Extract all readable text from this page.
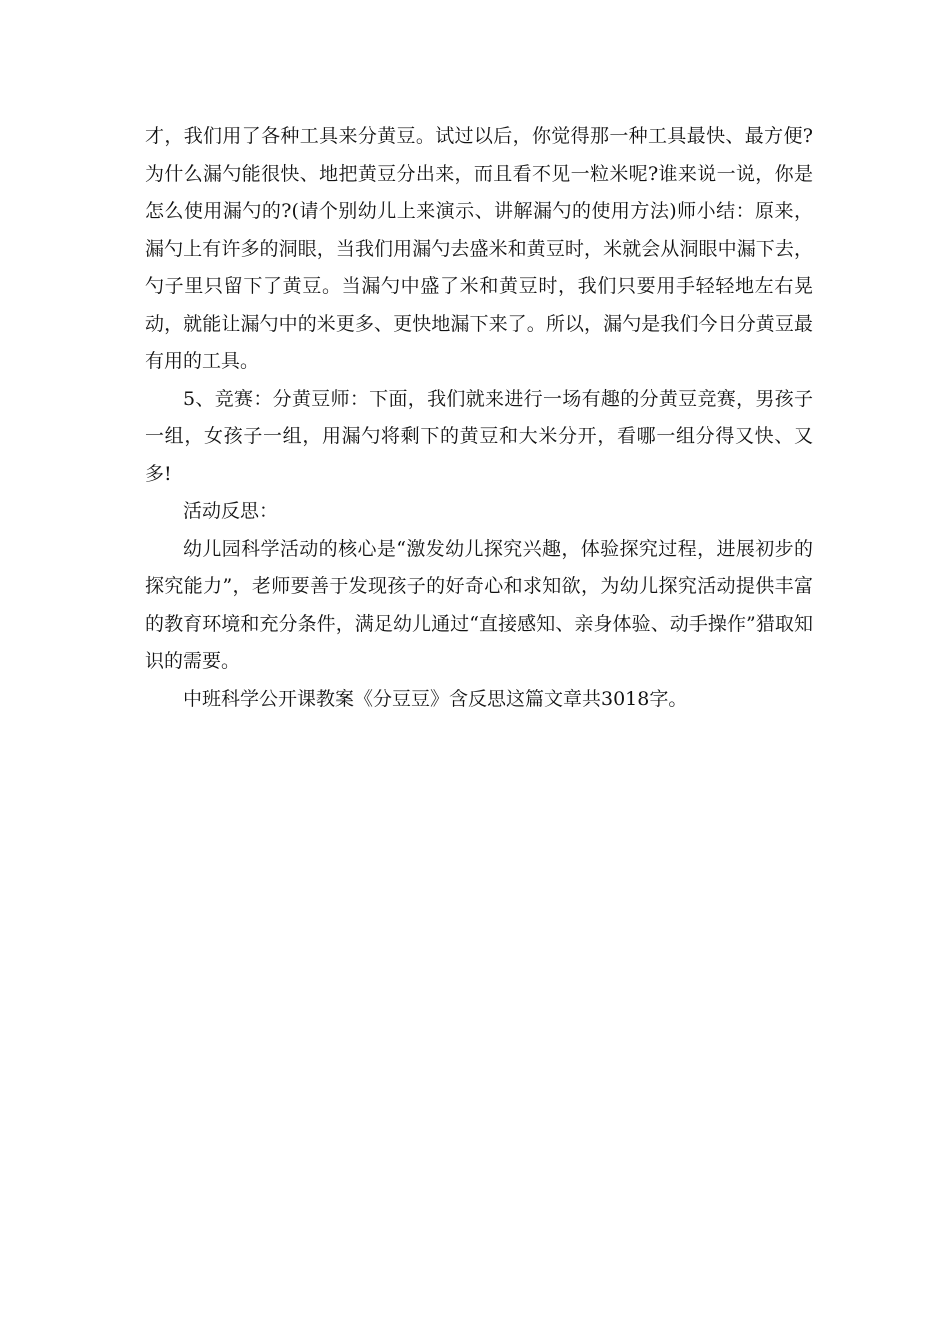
才，我们用了各种工具来分黄豆。试过以后，你觉得那一种工具最快、最方便?为什么漏勺能很快、地把黄豆分出来，而且看不见一粒米呢?谁来说一说，你是怎么使用漏勺的?(请个别幼儿上来演示、讲解漏勺的使用方法)师小结：原来，漏勺上有许多的洞眼，当我们用漏勺去盛米和黄豆时，米就会从洞眼中漏下去，勺子里只留下了黄豆。当漏勺中盛了米和黄豆时，我们只要用手轻轻地左右晃动，就能让漏勺中的米更多、更快地漏下来了。所以，漏勺是我们今日分黄豆最有用的工具。

5、竞赛：分黄豆师：下面，我们就来进行一场有趣的分黄豆竞赛，男孩子一组，女孩子一组，用漏勺将剩下的黄豆和大米分开，看哪一组分得又快、又多!

活动反思：

幼儿园科学活动的核心是“激发幼儿探究兴趣，体验探究过程，进展初步的探究能力”，老师要善于发现孩子的好奇心和求知欲，为幼儿探究活动提供丰富的教育环境和充分条件，满足幼儿通过“直接感知、亲身体验、动手操作”猎取知识的需要。

中班科学公开课教案《分豆豆》含反思这篇文章共3018字。
